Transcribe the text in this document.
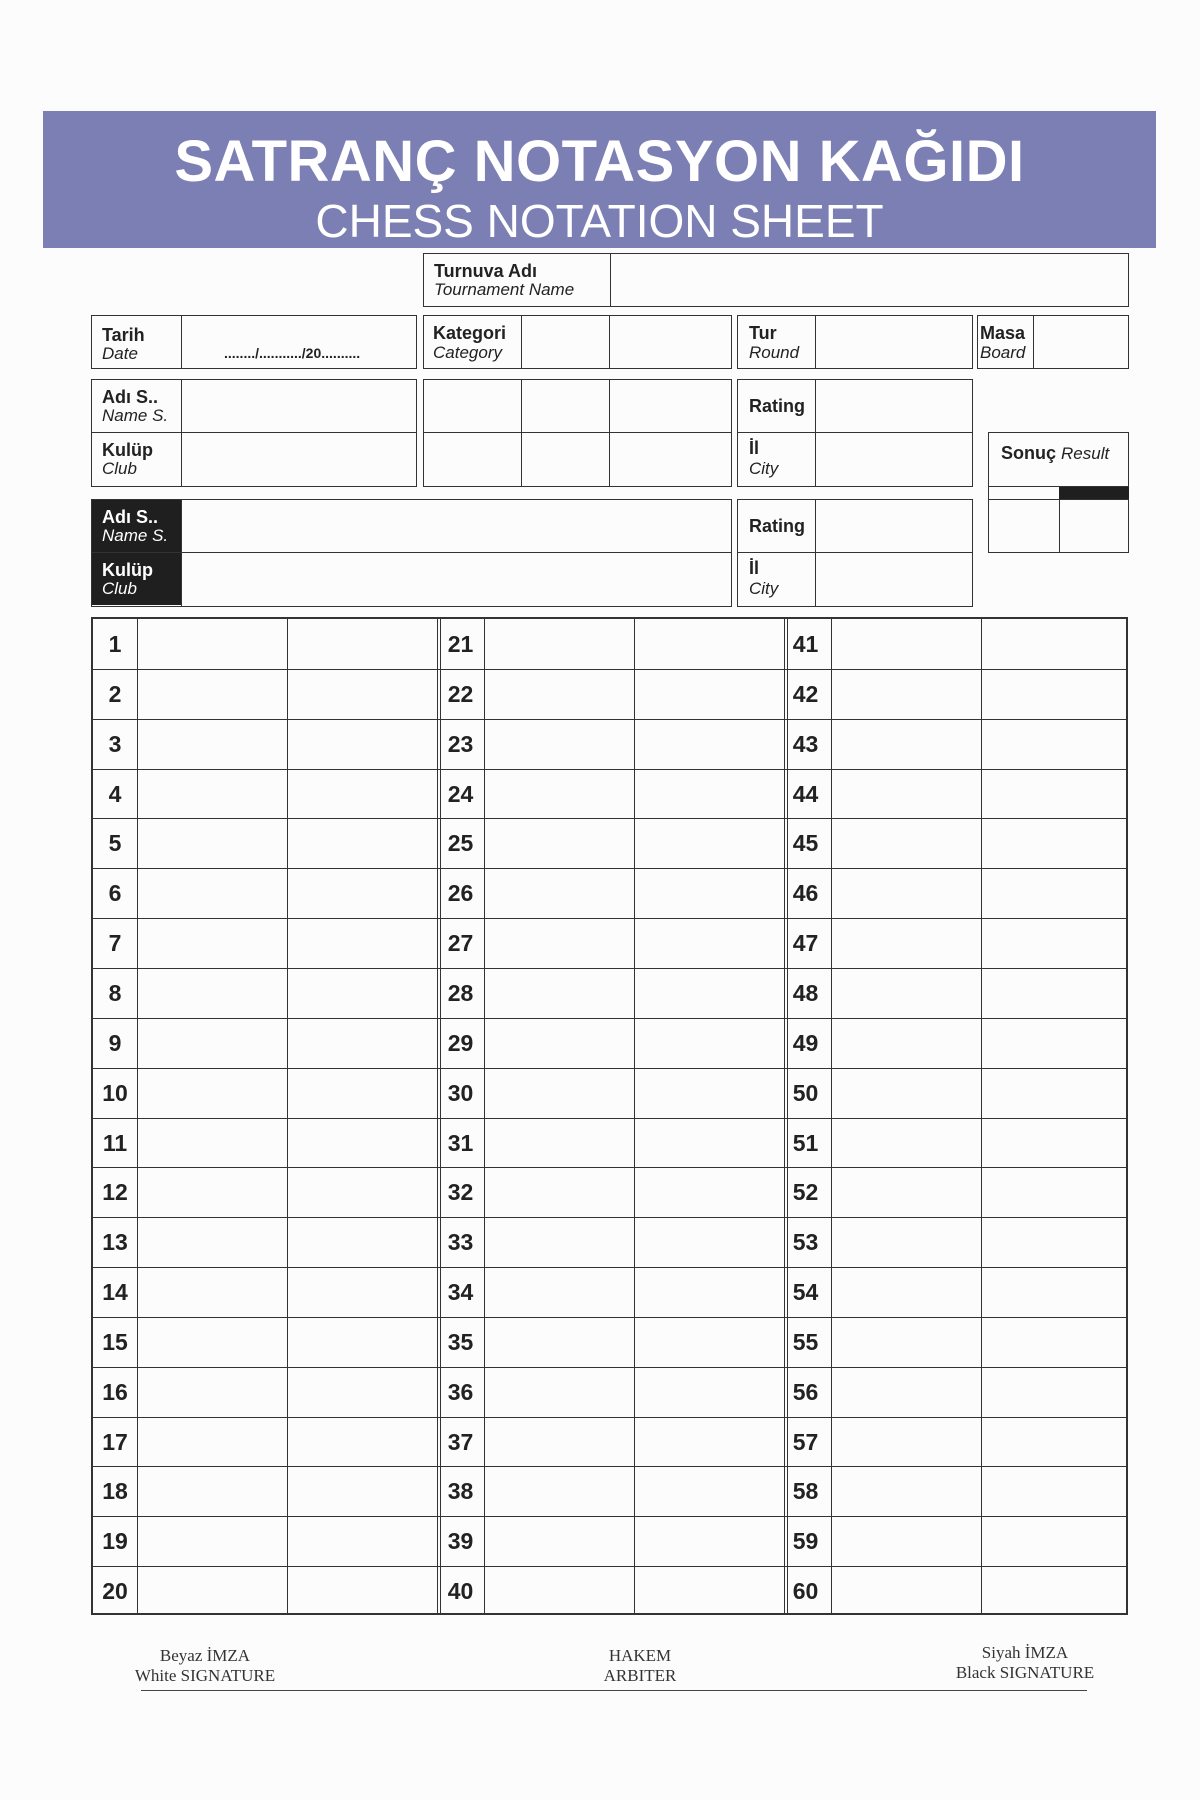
SATRANÇ NOTASYON KAĞIDI
CHESS NOTATION SHEET
Turnuva Adı
Tournament Name
Tarih
Date	......../.........../20..........
Kategori
Category
Tur
Round
Masa
Board
Adı S..
Name S.
Kulüp
Club
Rating
İl
City
Sonuç Result
Adı S..
Name S.
Kulüp
Club
Rating
İl
City
1
2
3
4
5
6
7
8
9
10
11
12
13
14
15
16
17
18
19
20
21
22
23
24
25
26
27
28
29
30
31
32
33
34
35
36
37
38
39
40
41
42
43
44
45
46
47
48
49
50
51
52
53
54
55
56
57
58
59
60
Beyaz İMZA
White SIGNATURE
HAKEM
ARBITER
Siyah İMZA
Black SIGNATURE
